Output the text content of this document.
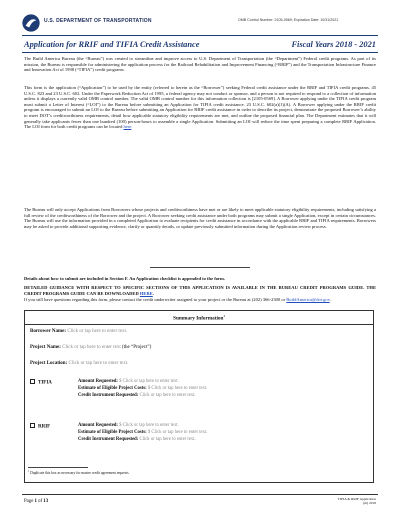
U.S. DEPARTMENT OF TRANSPORTATION	OMB Control Number: 2105-0569; Expiration Date: 10/31/2021
Application for RRIF and TIFIA Credit Assistance	Fiscal Years 2018 - 2021
The Build America Bureau (the “Bureau”) was created to streamline and improve access to U.S. Department of Transportation (the “Department”) Federal credit programs. As part of its mission, the Bureau is responsible for administering the application process for the Railroad Rehabilitation and Improvement Financing (“RRIF”) and the Transportation Infrastructure Finance and Innovation Act of 1998 (“TIFIA”) credit programs.
This form is the application (“Application”) to be used by the entity (referred to herein as the “Borrower”) seeking Federal credit assistance under the RRIF and TIFIA credit programs. 45 U.S.C. 823 and 23 U.S.C. 602. Under the Paperwork Reduction Act of 1995, a federal agency may not conduct or sponsor, and a person is not required to respond to a collection of information unless it displays a currently valid OMB control number. The valid OMB control number for this information collection is [2105-0569]. A Borrower applying under the TIFIA credit program must submit a Letter of Interest (“LOI”) to the Bureau before submitting an Application for TIFIA credit assistance. 23 U.S.C. 602(a)(1)(A). A Borrower applying under the RRIF credit program is encouraged to submit an LOI to the Bureau before submitting an Application for RRIF credit assistance in order to describe its project, demonstrate the proposed Borrower’s ability to meet DOT’s creditworthiness requirements, detail how applicable statutory eligibility requirements are met, and outline the proposed financial plan. The Department estimates that it will generally take applicants fewer than one hundred (100) person-hours to assemble a single Application. Submitting an LOI will reduce the time spent preparing a complete RRIF Application. The LOI form for both credit programs can be located here.
The Bureau will only accept Applications from Borrowers whose projects and creditworthiness have met or are likely to meet applicable statutory eligibility requirements, including satisfying a full review of the creditworthiness of the Borrower and the project. A Borrower seeking credit assistance under both programs may submit a single Application, except in certain circumstances. The Bureau will use the information provided in a completed Application to evaluate recipients for credit assistance in accordance with the applicable RRIF and TIFIA requirements. Borrowers may be asked to provide additional supporting evidence, clarify or quantify details, or update previously submitted information during the Application review process.
Details about how to submit are included in Section F. An Application checklist is appended to the form.
DETAILED GUIDANCE WITH RESPECT TO SPECIFIC SECTIONS OF THIS APPLICATION IS AVAILABLE IN THE BUREAU CREDIT PROGRAMS GUIDE. THE CREDIT PROGRAMS GUIDE CAN BE DOWNLOADED HERE.
If you still have questions regarding this form, please contact the credit underwriter assigned to your project or the Bureau at (202) 366-2300 or BuildAmerica@dot.gov.
Summary Information$^1$
Borrower Name: Click or tap here to enter text.
Project Name: Click or tap here to enter text (the “Project”)
Project Location: Click or tap here to enter text.
TIFIA	Amount Requested: $ Click or tap here to enter text.
Estimate of Eligible Project Costs: $ Click or tap here to enter text.
Credit Instrument Requested: Click or tap here to enter text.
RRIF	Amount Requested: $ Click or tap here to enter text.
Estimate of Eligible Project Costs: $ Click or tap here to enter text.
Credit Instrument Requested: Click or tap here to enter text.
$^1$ Duplicate this box as necessary for master credit agreement requests.
Page 1 of 13	TIFIA & RRIF Application
(m) 2018
